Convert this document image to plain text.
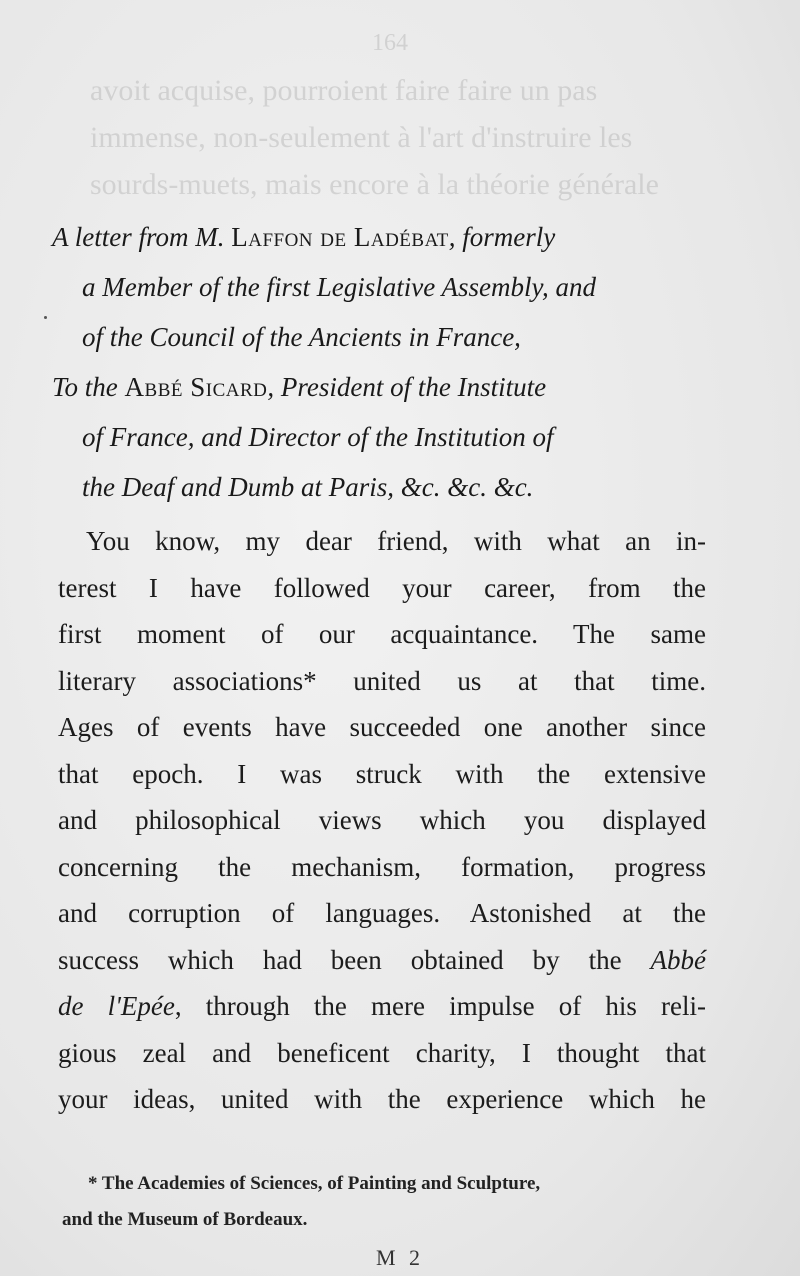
164
avoit acquise, pourroient faire faire un pas
immense, non-seulement à l'art d'instruire les
sourds-muets, mais encore à la théorie générale

A letter from M. Laffon de Ladébat, formerly

a Member of the first Legislative Assembly, and

of the Council of the Ancients in France,

To the Abbé Sicard, President of the Institute

of France, and Director of the Institution of

the Deaf and Dumb at Paris, &c. &c. &c.

You know, my dear friend, with what an in-
terest I have followed your career, from the
first moment of our acquaintance. The same
literary associations* united us at that time.
Ages of events have succeeded one another since
that epoch. I was struck with the extensive
and philosophical views which you displayed
concerning the mechanism, formation, progress
and corruption of languages. Astonished at the
success which had been obtained by the Abbé
de l'Epée, through the mere impulse of his reli-
gious zeal and beneficent charity, I thought that
your ideas, united with the experience which he
* The Academies of Sciences, of Painting and Sculpture,
and the Museum of Bordeaux.
M 2
